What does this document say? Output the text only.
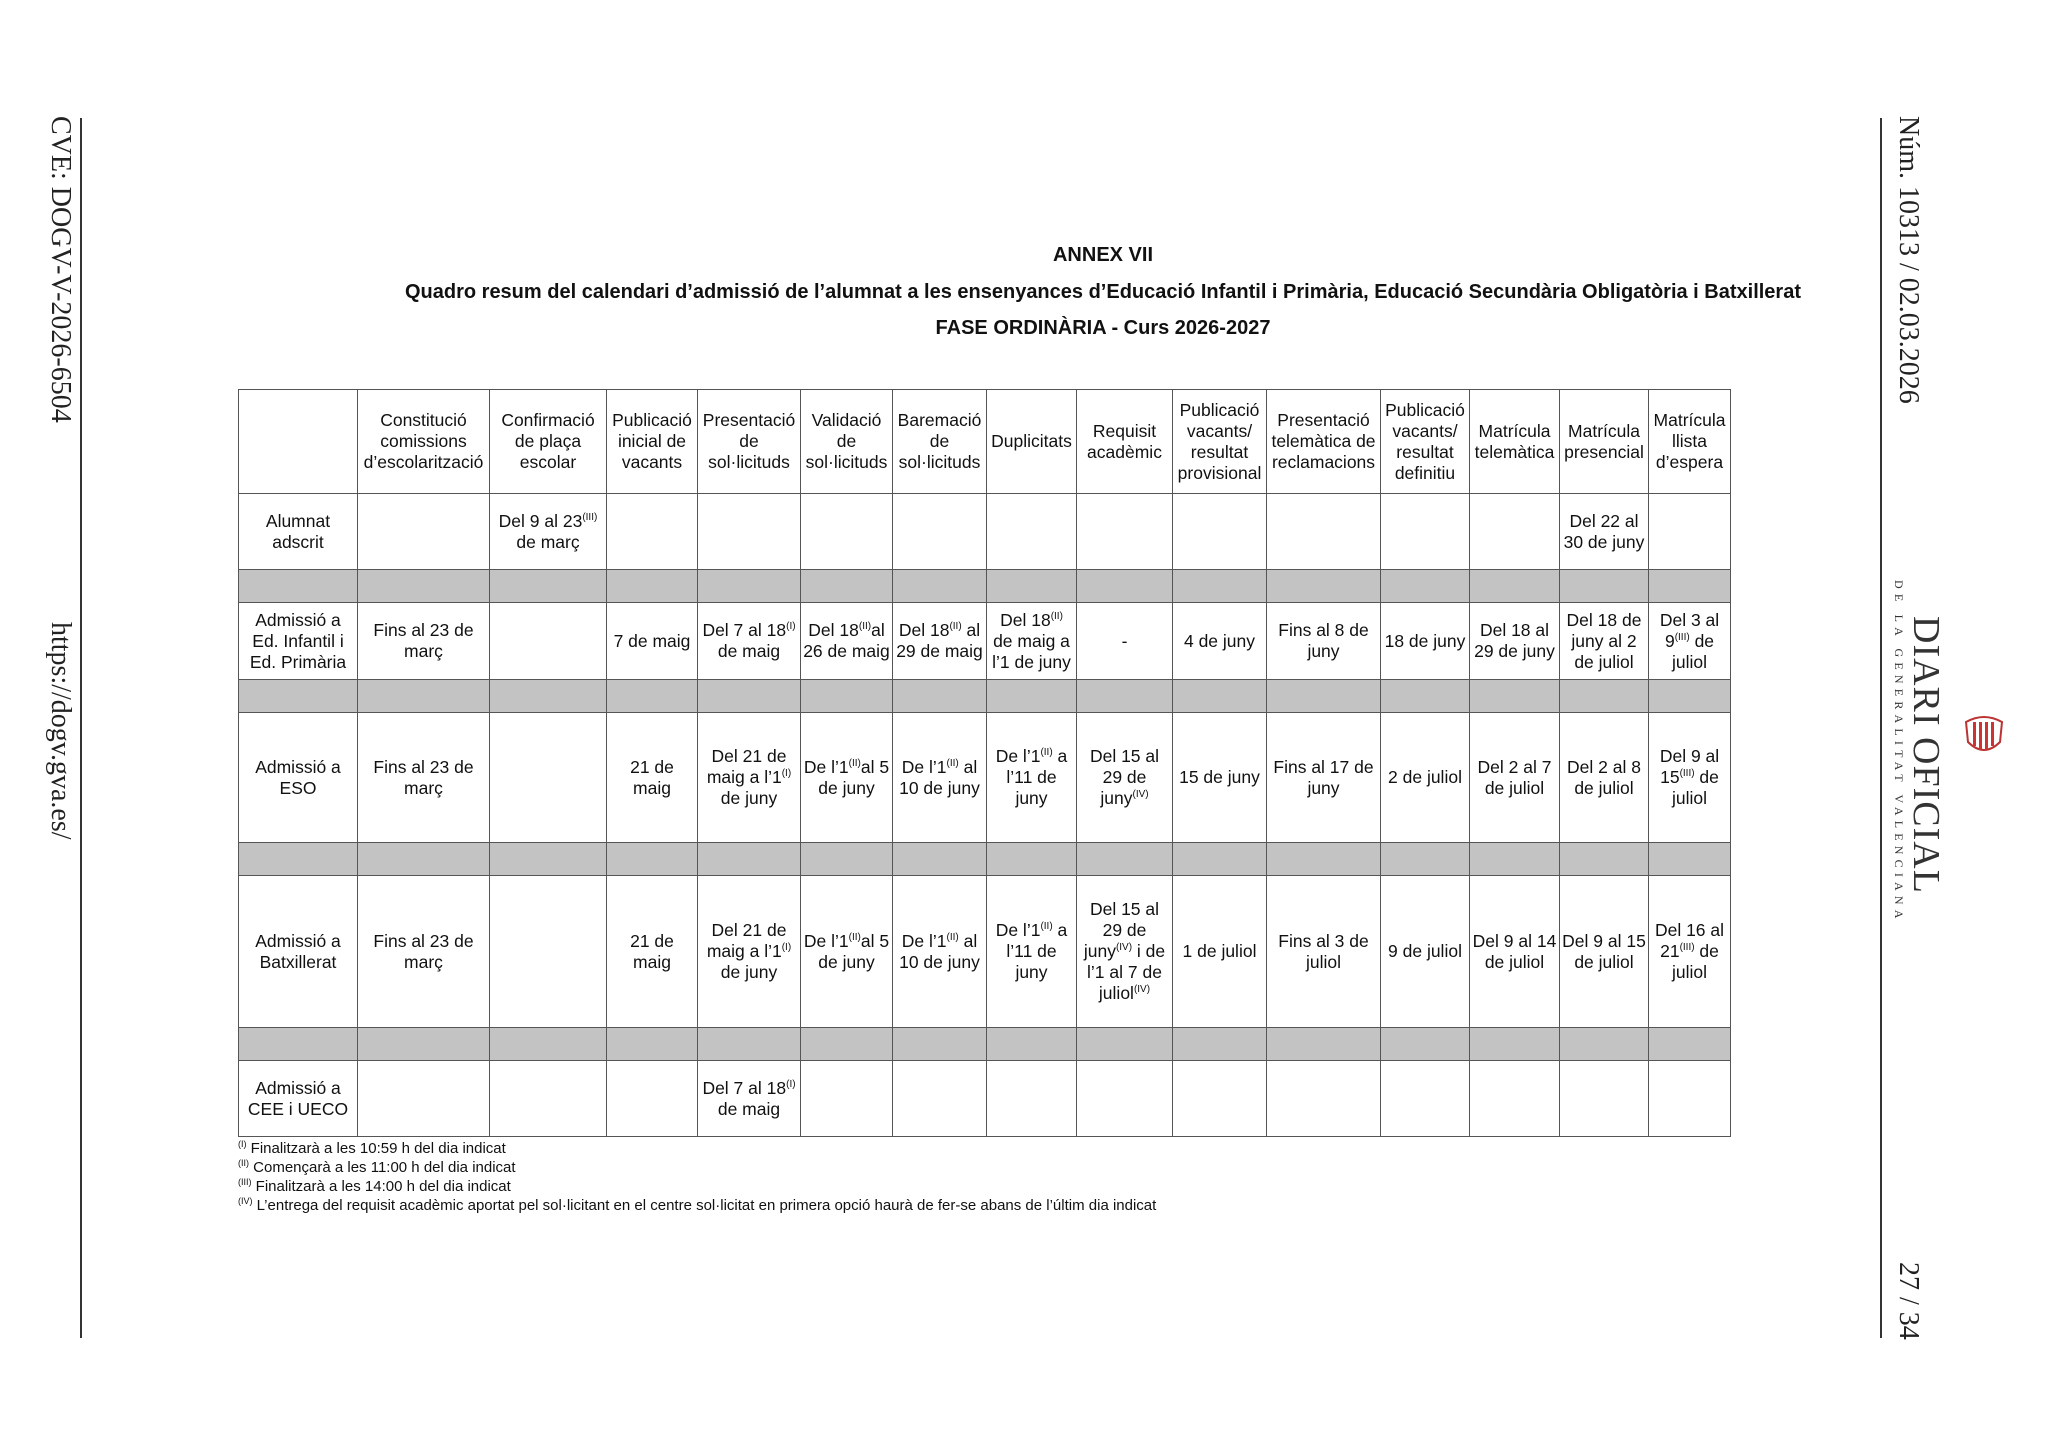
CVE: DOGV-V-2026-6504
https://dogv.gva.es/
Núm. 10313 / 02.03.2026
27 / 34
DIARI OFICIAL
DE LA GENERALITAT VALENCIANA
ANNEX VII
Quadro resum del calendari d’admissió de l’alumnat a les ensenyances d’Educació Infantil i Primària, Educació Secundària Obligatòria i Batxillerat
FASE ORDINÀRIA - Curs 2026-2027
	Constitució comissions d’escolarització	Confirmació de plaça escolar	Publicació inicial de vacants	Presentació de sol·licituds	Validació de sol·licituds	Baremació de sol·licituds	Duplicitats	Requisit acadèmic	Publicació vacants/ resultat provisional	Presentació telemàtica de reclamacions	Publicació vacants/ resultat definitiu	Matrícula telemàtica	Matrícula presencial	Matrícula llista d’espera
Alumnat adscrit		Del 9 al $23^{(III)}$ de març											Del 22 al 30 de juny	

Admissió a Ed. Infantil i Ed. Primària	Fins al 23 de març		7 de maig	Del 7 al $18^{(I)}$ de maig	Del $18^{(II)}al$ 26 de maig	Del $18^{(II)}$ al 29 de maig	Del $18^{(II)}$ de maig a l’1 de juny	-	4 de juny	Fins al 8 de juny	18 de juny	Del 18 al 29 de juny	Del 18 de juny al 2 de juliol	Del 3 al $9^{(III)}$ de juliol

Admissió a ESO	Fins al 23 de març		21 de maig	Del 21 de maig a $l’1^{(I)}$ de juny	De $l’1^{(II)}al$ 5 de juny	De $l’1^{(II)}$ al 10 de juny	De $l’1^{(II)}$ a l’11 de juny	Del 15 al 29 de juny$^{(IV)}$	15 de juny	Fins al 17 de juny	2 de juliol	Del 2 al 7 de juliol	Del 2 al 8 de juliol	Del 9 al $15^{(III)}$ de juliol

Admissió a Batxillerat	Fins al 23 de març		21 de maig	Del 21 de maig a $l’1^{(I)}$ de juny	De $l’1^{(II)}al$ 5 de juny	De $l’1^{(II)}$ al 10 de juny	De $l’1^{(II)}$ a l’11 de juny	Del 15 al 29 de juny$^{(IV)}$ i de l’1 al 7 de juliol$^{(IV)}$	1 de juliol	Fins al 3 de juliol	9 de juliol	Del 9 al 14 de juliol	Del 9 al 15 de juliol	Del 16 al $21^{(III)}$ de juliol

Admissió a CEE i UECO				Del 7 al $18^{(I)}$ de maig										
$^{(I)}$ Finalitzarà a les 10:59 h del dia indicat
$^{(II)}$ Començarà a les 11:00 h del dia indicat
$^{(III)}$ Finalitzarà a les 14:00 h del dia indicat
$^{(IV)}$ L’entrega del requisit acadèmic aportat pel sol·licitant en el centre sol·licitat en primera opció haurà de fer-se abans de l’últim dia indicat
